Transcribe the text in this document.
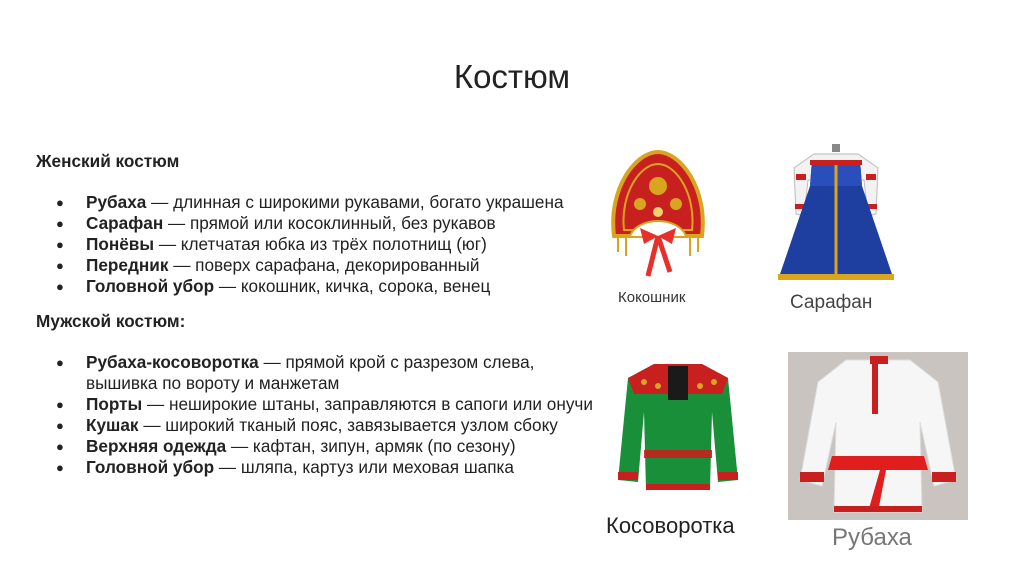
Костюм

Женский костюм

● Рубаха — длинная с широкими рукавами, богато украшена
● Сарафан — прямой или косоклинный, без рукавов
● Понёвы — клетчатая юбка из трёх полотнищ (юг)
● Передник — поверх сарафана, декорированный
● Головной убор — кокошник, кичка, сорока, венец

Мужской костюм:

● Рубаха-косоворотка — прямой крой с разрезом слева, вышивка по вороту и манжетам
● Порты — неширокие штаны, заправляются в сапоги или онучи
● Кушак — широкий тканый пояс, завязывается узлом сбоку
● Верхняя одежда — кафтан, зипун, армяк (по сезону)
● Головной убор — шляпа, картуз или меховая шапка
Кокошник	Сарафан
Косоворотка	Рубаха
